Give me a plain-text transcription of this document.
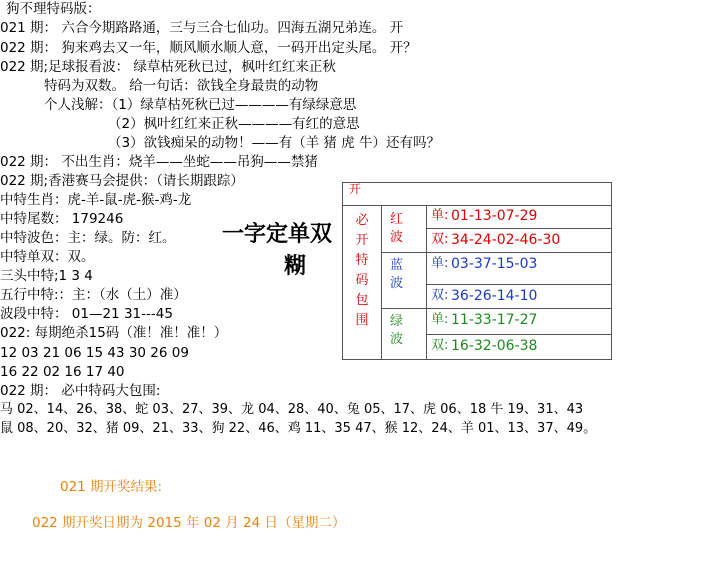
狗不理特码版：
021 期： 六合今期路路通，三与三合七仙功。四海五湖兄弟连。 开
022 期： 狗来鸡去又一年，顺风顺水顺人意，一码开出定头尾。 开？
022 期;足球报看波： 绿草枯死秋已过，枫叶红红来正秋
特码为双数。 给一句话：欲钱全身最贵的动物
个人浅解：（1）绿草枯死秋已过————有绿绿意思
（2）枫叶红红来正秋————有红的意思
（3）欲钱痴呆的动物！——有（羊 猪 虎 牛）还有吗？
022 期： 不出生肖：烧羊——坐蛇——吊狗——禁猪
022 期;香港赛马会提供：（请长期跟踪）
中特生肖：虎-羊-鼠-虎-猴-鸡-龙
中特尾数： 179246
中特波色：主：绿。防：红。
中特单双：双。
三头中特;1 3 4
五行中特:：主：（水（土）准）
波段中特： 01—21 31---45
022: 每期绝杀15码（准！准！准！）
12 03 21 06 15 43 30 26 09
16 22 02 16 17 40
022 期： 必中特码大包围:
马 02、14、26、38、蛇 03、27、39、龙 04、28、40、兔 05、17、虎 06、18 牛 19、31、43
鼠 08、20、32、猪 09、21、33、狗 22、46、鸡 11、35 47、猴 12、24、羊 01、13、37、49。
一字定单双
糊
开
必开特码包围
红波
单: 01-13-07-29
双: 34-24-02-46-30
蓝波
单: 03-37-15-03
双: 36-26-14-10
绿波
单: 11-33-17-27
双: 16-32-06-38
021 期开奖结果:
022 期开奖日期为 2015 年 02 月 24 日（星期二）
